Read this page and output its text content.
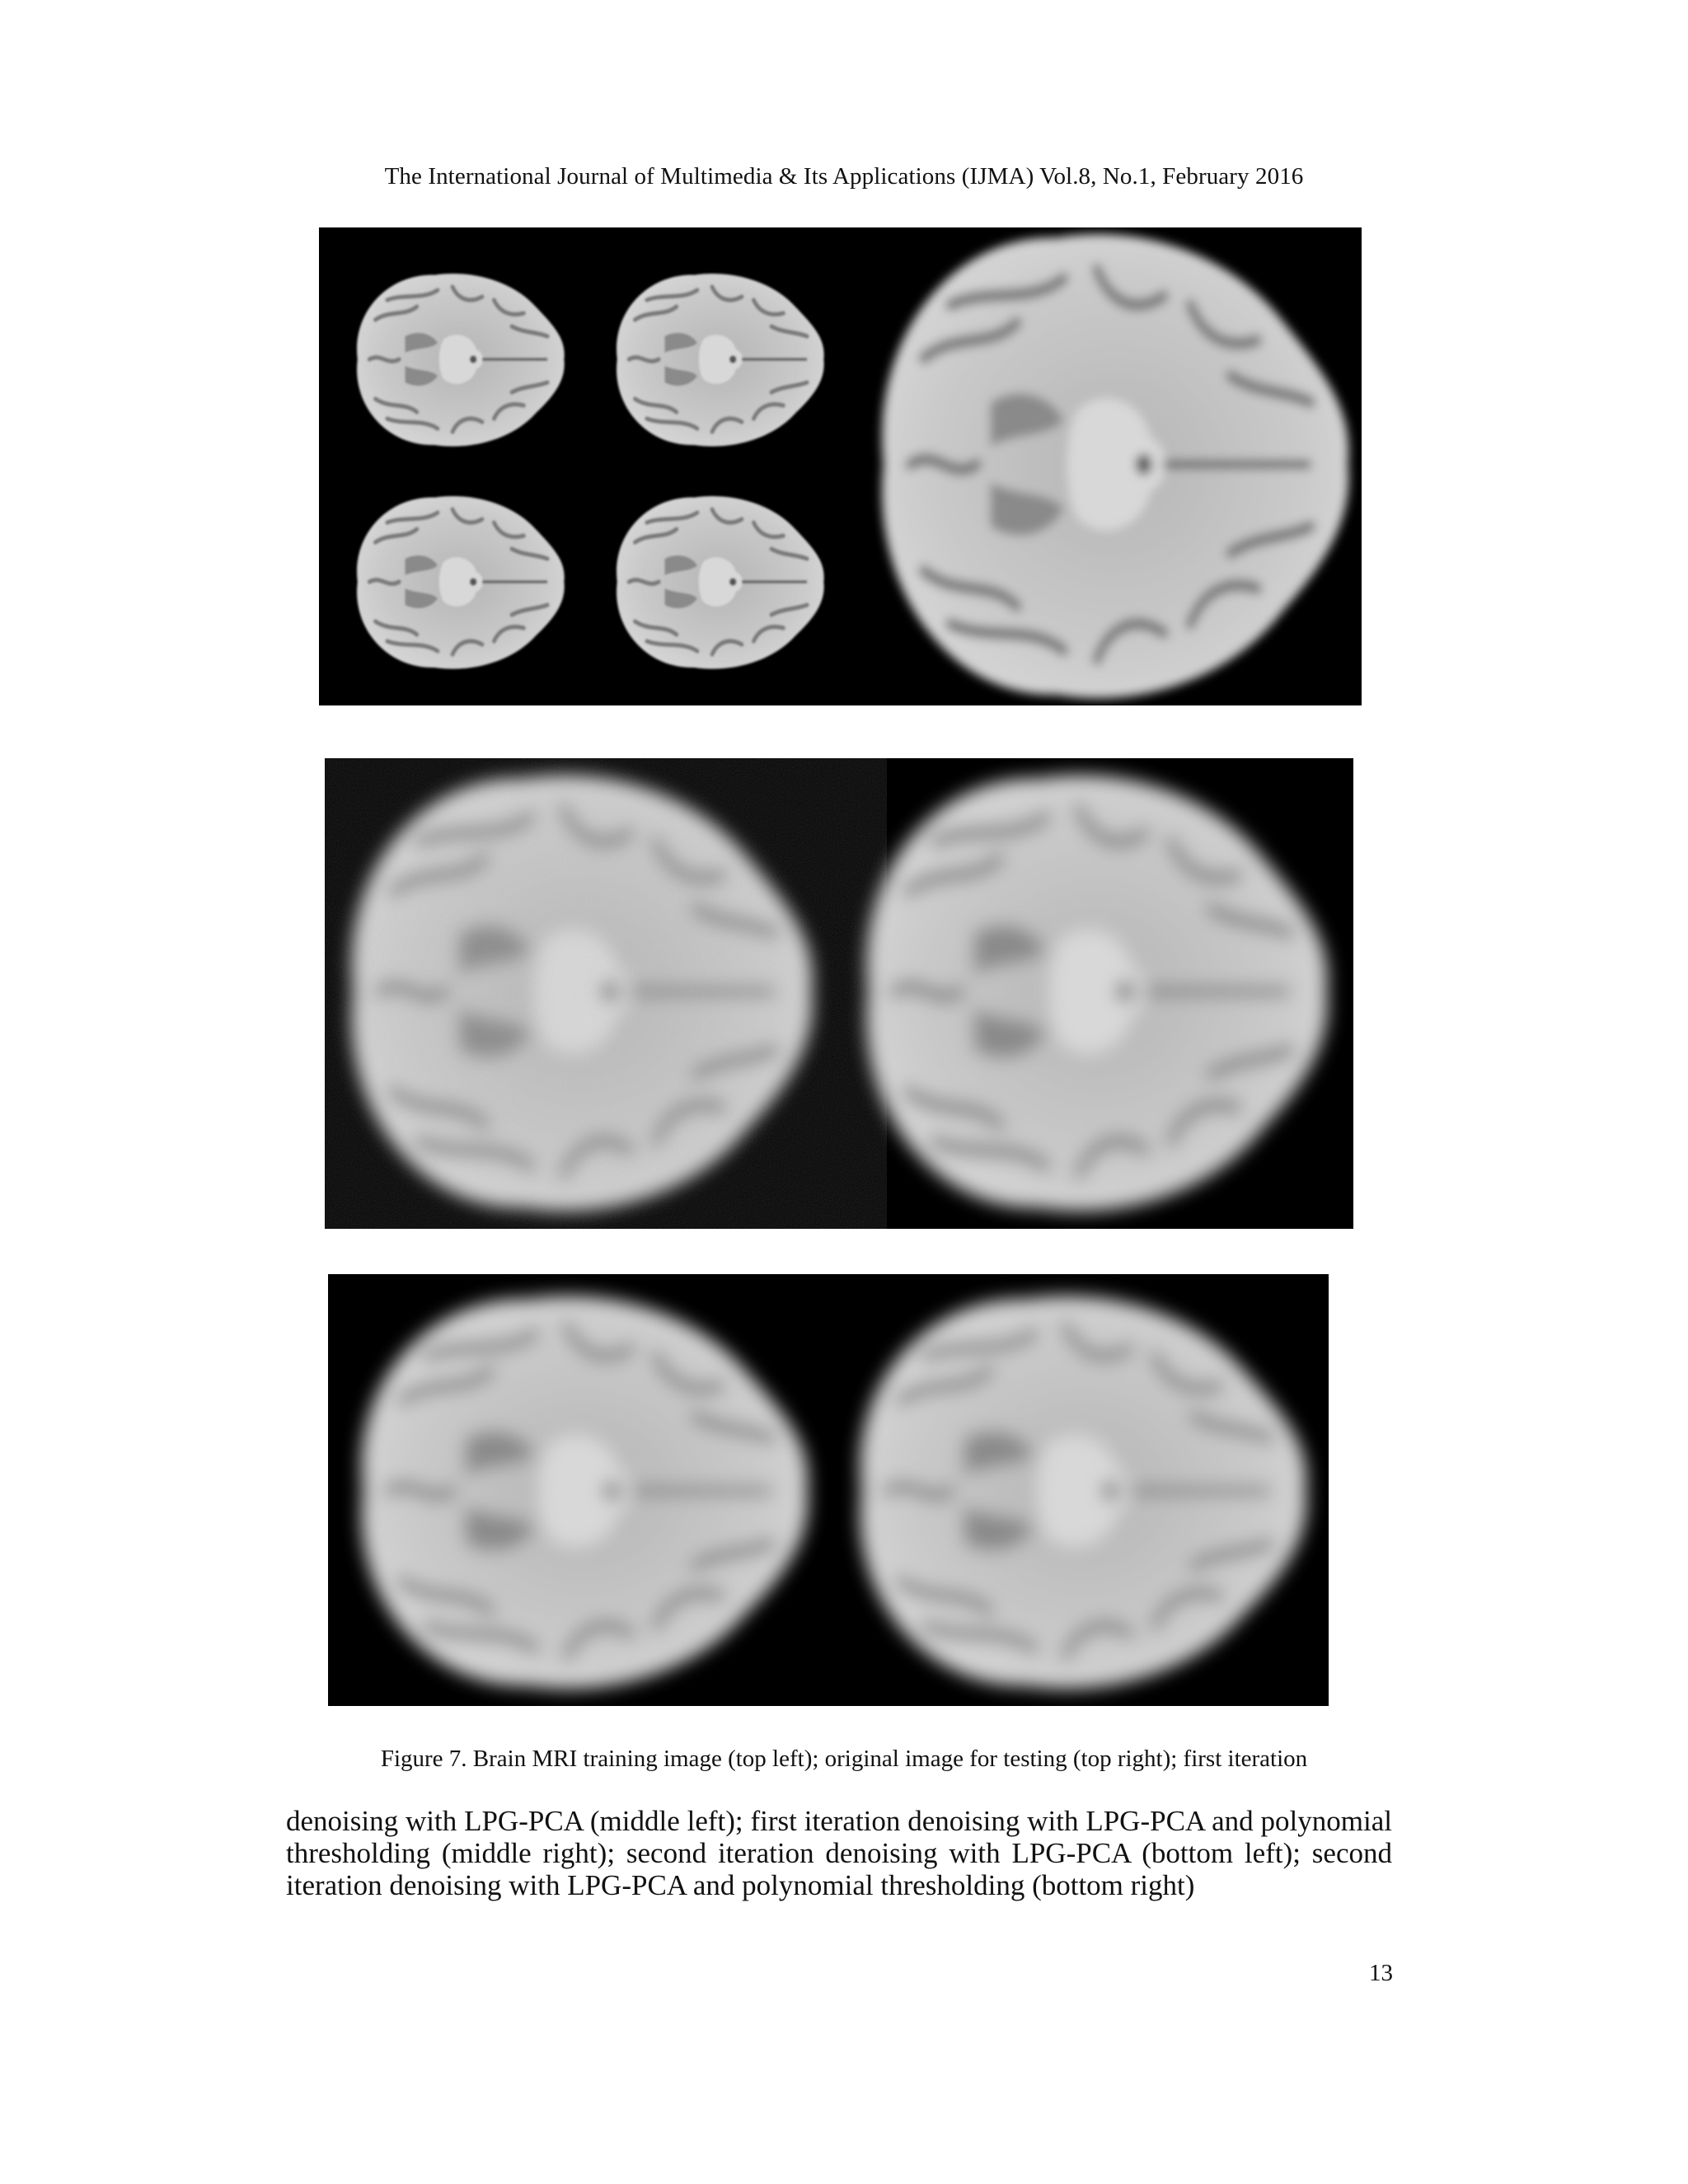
The International Journal of Multimedia & Its Applications (IJMA) Vol.8, No.1, February 2016
Figure 7. Brain MRI training image (top left); original image for testing (top right); first iteration
denoising with LPG-PCA (middle left); first iteration denoising with LPG-PCA and polynomial thresholding (middle right); second iteration denoising with LPG-PCA (bottom left); second iteration denoising with LPG-PCA and polynomial thresholding (bottom right)
13
